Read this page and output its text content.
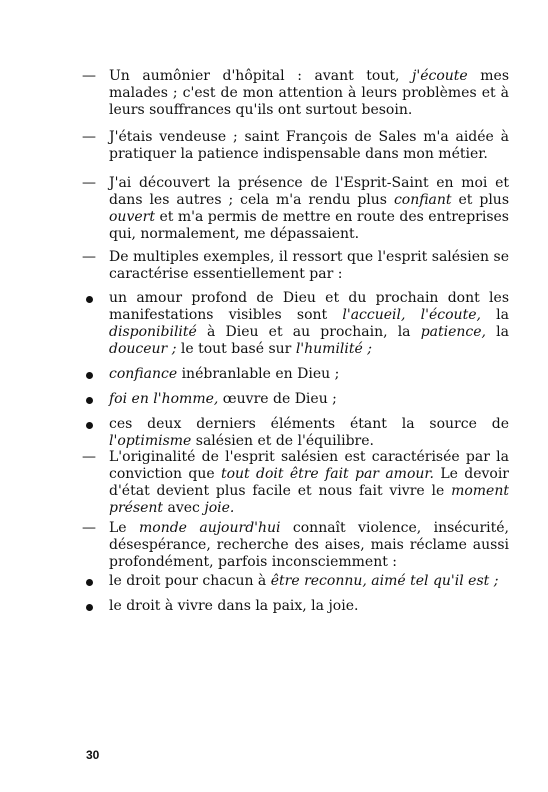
— Un aumônier d'hôpital : avant tout, j'écoute mes malades ; c'est de mon attention à leurs problèmes et à leurs souffrances qu'ils ont surtout besoin.
— J'étais vendeuse ; saint François de Sales m'a aidée à pratiquer la patience indispensable dans mon métier.
— J'ai découvert la présence de l'Esprit-Saint en moi et dans les autres ; cela m'a rendu plus confiant et plus ouvert et m'a permis de mettre en route des entreprises qui, normalement, me dépassaient.
— De multiples exemples, il ressort que l'esprit salésien se caractérise essentiellement par :
un amour profond de Dieu et du prochain dont les manifestations visibles sont l'accueil, l'écoute, la disponibilité à Dieu et au prochain, la patience, la douceur ; le tout basé sur l'humilité ;
confiance inébranlable en Dieu ;
foi en l'homme, œuvre de Dieu ;
ces deux derniers éléments étant la source de l'optimisme salésien et de l'équilibre.
— L'originalité de l'esprit salésien est caractérisée par la conviction que tout doit être fait par amour. Le devoir d'état devient plus facile et nous fait vivre le moment présent avec joie.
— Le monde aujourd'hui connaît violence, insécurité, désespérance, recherche des aises, mais réclame aussi profondément, parfois inconsciemment :
le droit pour chacun à être reconnu, aimé tel qu'il est ;
le droit à vivre dans la paix, la joie.
30
